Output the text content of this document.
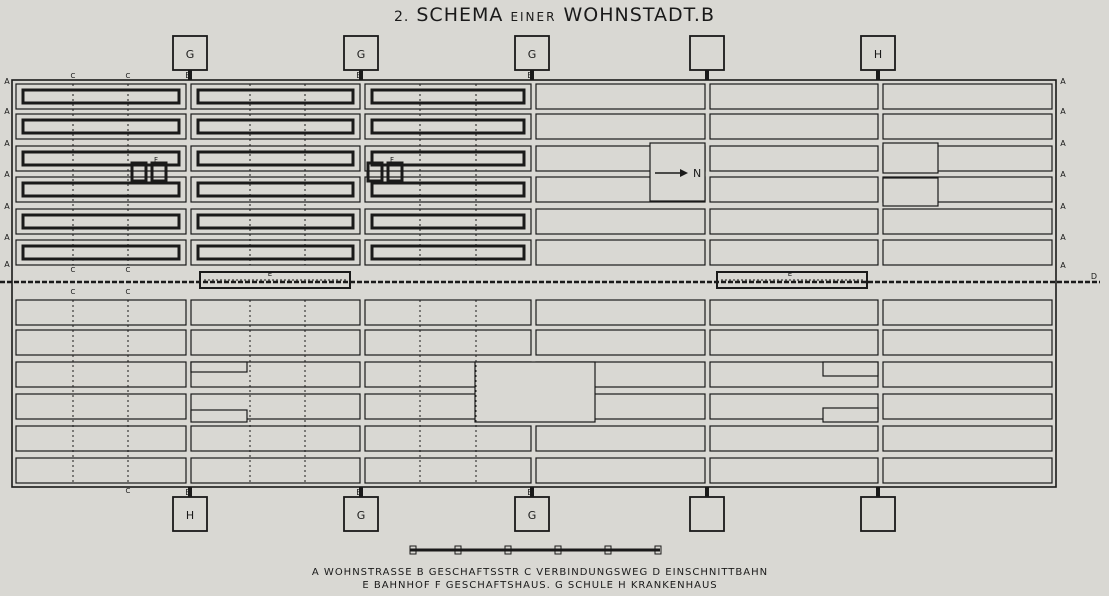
2. SCHEMA EINER WOHNSTADT.B
G
H
G
G
G
G
H
N
B
B
B
B
B
B
A
A
A
A
A
A
A
A
A
A
A
A
A
A
D
C	C
C	C
C	C
C
F	F
E	E
A WOHNSTRASSE B GESCHAFTSSTR C VERBINDUNGSWEG D EINSCHNITTBAHN
E BAHNHOF F GESCHAFTSHAUS. G SCHULE H KRANKENHAUS
